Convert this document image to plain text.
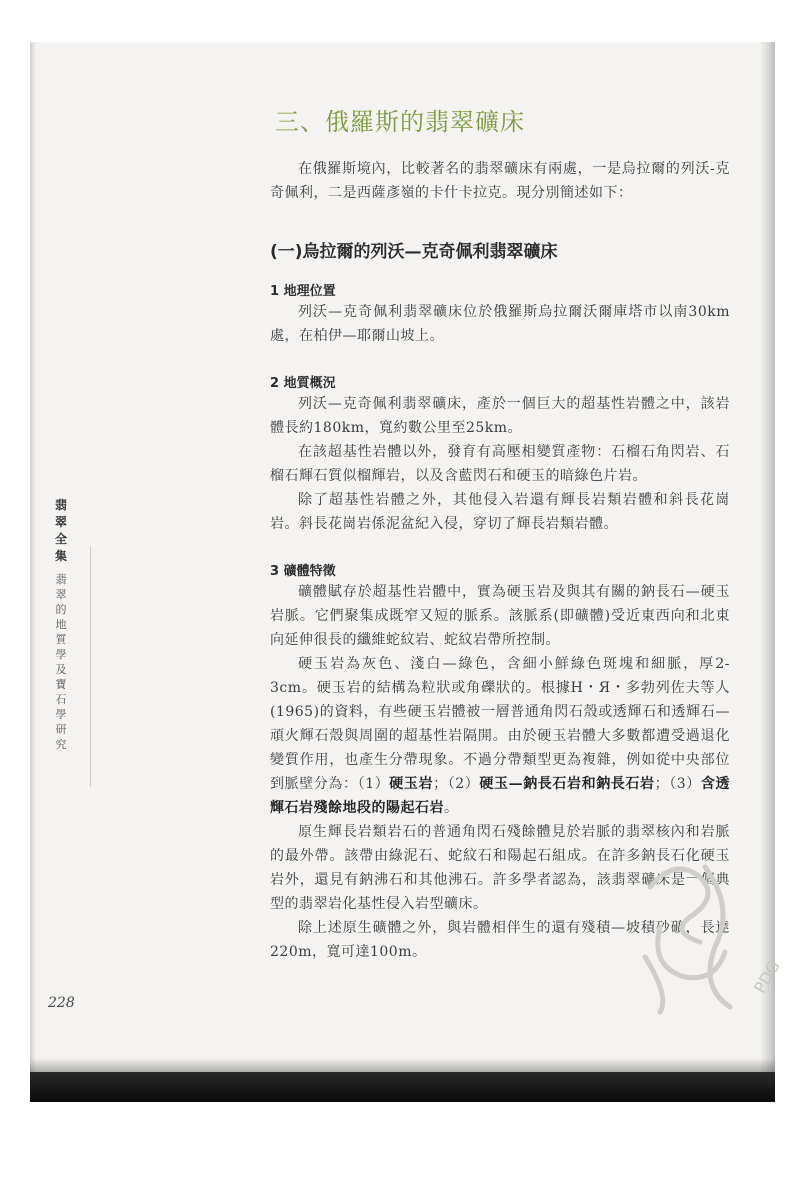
三、俄羅斯的翡翠礦床

在俄羅斯境內，比較著名的翡翠礦床有兩處，一是烏拉爾的列沃-克奇佩利，二是西薩彥嶺的卡什卡拉克。現分別簡述如下：

(一)烏拉爾的列沃—克奇佩利翡翠礦床
1 地理位置

列沃—克奇佩利翡翠礦床位於俄羅斯烏拉爾沃爾庫塔市以南30km處，在柏伊—耶爾山坡上。

2 地質概況

列沃—克奇佩利翡翠礦床，產於一個巨大的超基性岩體之中，該岩體長約180km，寬約數公里至25km。

在該超基性岩體以外，發育有高壓相變質產物：石榴石角閃岩、石榴石輝石質似榴輝岩，以及含藍閃石和硬玉的暗綠色片岩。

除了超基性岩體之外，其他侵入岩還有輝長岩類岩體和斜長花崗岩。斜長花崗岩係泥盆紀入侵，穿切了輝長岩類岩體。

3 礦體特徵

礦體賦存於超基性岩體中，實為硬玉岩及與其有關的鈉長石—硬玉岩脈。它們聚集成既窄又短的脈系。該脈系(即礦體)受近東西向和北東向延伸很長的纖維蛇紋岩、蛇紋岩帶所控制。

硬玉岩為灰色、淺白—綠色，含細小鮮綠色斑塊和細脈，厚2-3cm。硬玉岩的結構為粒狀或角礫狀的。根據H・Я・多勃列佐夫等人(1965)的資料，有些硬玉岩體被一層普通角閃石殼或透輝石和透輝石—頑火輝石殼與周圍的超基性岩隔開。由於硬玉岩體大多數都遭受過退化變質作用，也產生分帶現象。不過分帶類型更為複雜，例如從中央部位到脈壁分為：（1）硬玉岩；（2）硬玉—鈉長石岩和鈉長石岩；（3）含透輝石岩殘餘地段的陽起石岩。

原生輝長岩類岩石的普通角閃石殘餘體見於岩脈的翡翠核內和岩脈的最外帶。該帶由綠泥石、蛇紋石和陽起石組成。在許多鈉長石化硬玉岩外，還見有鈉沸石和其他沸石。許多學者認為，該翡翠礦床是一個典型的翡翠岩化基性侵入岩型礦床。

除上述原生礦體之外，與岩體相伴生的還有殘積—坡積砂礦，長達220m，寬可達100m。

翡翠全集
翡翠的地質學及寶石學研究
228
PDG
